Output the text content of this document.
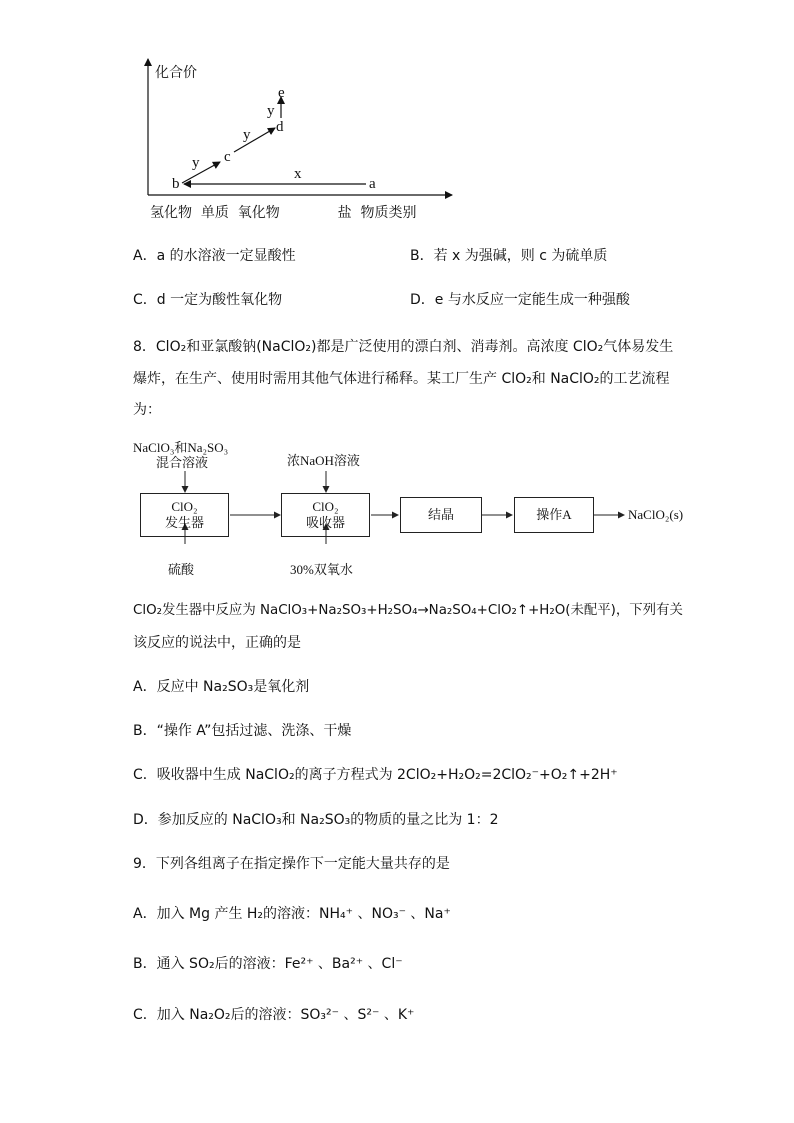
化合价
e
y
d
y
c
y
x
b	a
氢化物  单质  氧化物             盐  物质类别
A．a 的水溶液一定显酸性	B．若 x 为强碱，则 c 为硫单质
C．d 一定为酸性氧化物	D．e 与水反应一定能生成一种强酸
8．ClO₂和亚氯酸钠(NaClO₂)都是广泛使用的漂白剂、消毒剂。高浓度 ClO₂气体易发生
爆炸，在生产、使用时需用其他气体进行稀释。某工厂生产 ClO₂和 NaClO₂的工艺流程
为：
NaClO₃和Na₂SO₃
混合溶液	浓NaOH溶液
ClO₂
发生器
ClO₂
吸收器
结晶	操作A	NaClO₂(s)
硫酸	30%双氧水
ClO₂发生器中反应为 NaClO₃+Na₂SO₃+H₂SO₄→Na₂SO₄+ClO₂↑+H₂O(未配平)，下列有关
该反应的说法中，正确的是
A．反应中 Na₂SO₃是氧化剂
B．“操作 A”包括过滤、洗涤、干燥
C．吸收器中生成 NaClO₂的离子方程式为 2ClO₂+H₂O₂=2ClO₂⁻+O₂↑+2H⁺
D．参加反应的 NaClO₃和 Na₂SO₃的物质的量之比为 1：2
9．下列各组离子在指定操作下一定能大量共存的是
A．加入 Mg 产生 H₂的溶液：NH₄⁺ 、NO₃⁻ 、Na⁺
B．通入 SO₂后的溶液：Fe²⁺ 、Ba²⁺ 、Cl⁻
C．加入 Na₂O₂后的溶液：SO₃²⁻ 、S²⁻ 、K⁺
